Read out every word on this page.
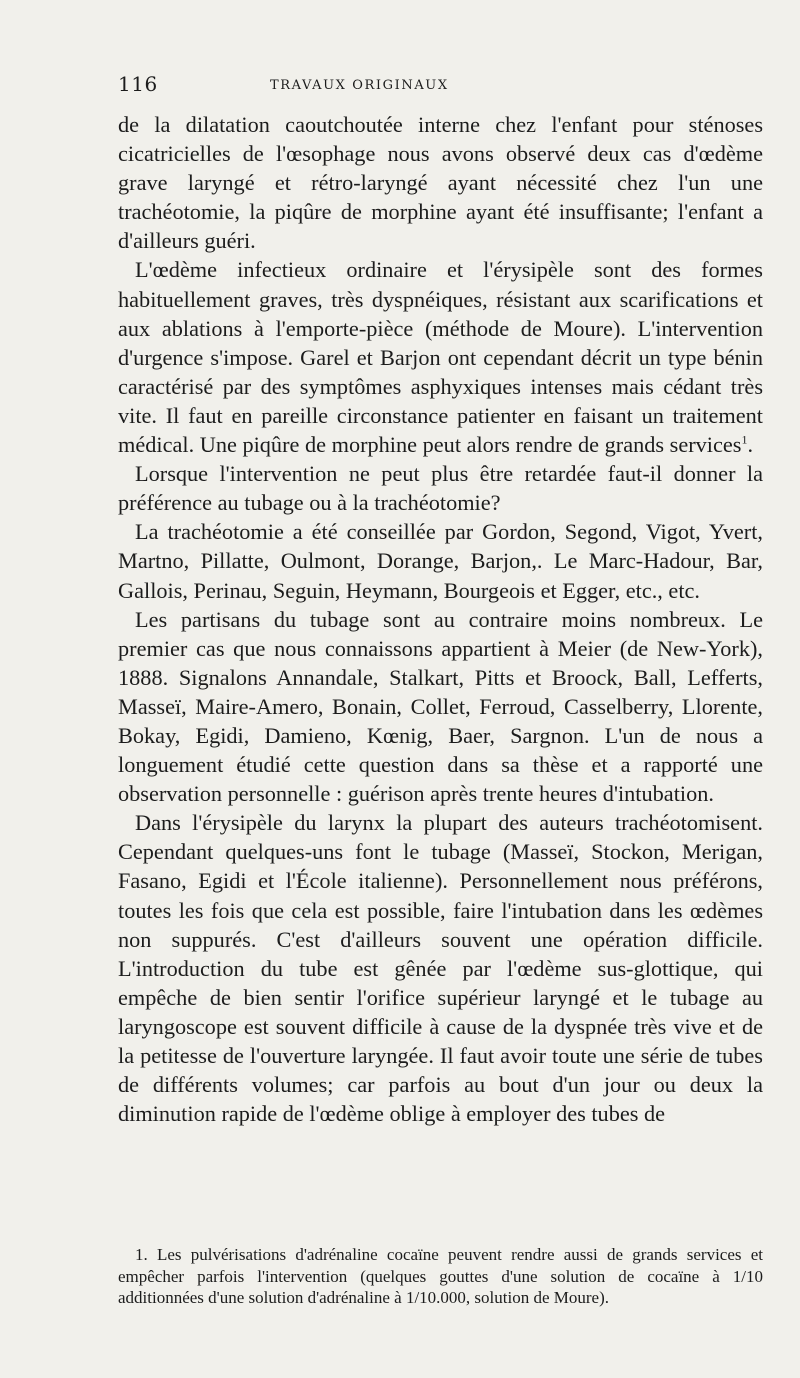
116	TRAVAUX ORIGINAUX

de la dilatation caoutchoutée interne chez l'enfant pour sténoses cicatricielles de l'œsophage nous avons observé deux cas d'œdème grave laryngé et rétro-laryngé ayant nécessité chez l'un une trachéotomie, la piqûre de morphine ayant été insuffisante; l'enfant a d'ailleurs guéri.

L'œdème infectieux ordinaire et l'érysipèle sont des formes habituellement graves, très dyspnéiques, résistant aux scarifications et aux ablations à l'emporte-pièce (méthode de Moure). L'intervention d'urgence s'impose. Garel et Barjon ont cependant décrit un type bénin caractérisé par des symptômes asphyxiques intenses mais cédant très vite. Il faut en pareille circonstance patienter en faisant un traitement médical. Une piqûre de morphine peut alors rendre de grands services$^1$.

Lorsque l'intervention ne peut plus être retardée faut-il donner la préférence au tubage ou à la trachéotomie?

La trachéotomie a été conseillée par Gordon, Segond, Vigot, Yvert, Martno, Pillatte, Oulmont, Dorange, Barjon,. Le Marc-Hadour, Bar, Gallois, Perinau, Seguin, Heymann, Bourgeois et Egger, etc., etc.

Les partisans du tubage sont au contraire moins nombreux. Le premier cas que nous connaissons appartient à Meier (de New-York), 1888. Signalons Annandale, Stalkart, Pitts et Broock, Ball, Lefferts, Masseï, Maire-Amero, Bonain, Collet, Ferroud, Casselberry, Llorente, Bokay, Egidi, Damieno, Kœnig, Baer, Sargnon. L'un de nous a longuement étudié cette question dans sa thèse et a rapporté une observation personnelle : guérison après trente heures d'intubation.

Dans l'érysipèle du larynx la plupart des auteurs trachéotomisent. Cependant quelques-uns font le tubage (Masseï, Stockon, Merigan, Fasano, Egidi et l'École italienne). Personnellement nous préférons, toutes les fois que cela est possible, faire l'intubation dans les œdèmes non suppurés. C'est d'ailleurs souvent une opération difficile. L'introduction du tube est gênée par l'œdème sus-glottique, qui empêche de bien sentir l'orifice supérieur laryngé et le tubage au laryngoscope est souvent difficile à cause de la dyspnée très vive et de la petitesse de l'ouverture laryngée. Il faut avoir toute une série de tubes de différents volumes; car parfois au bout d'un jour ou deux la diminution rapide de l'œdème oblige à employer des tubes de

1. Les pulvérisations d'adrénaline cocaïne peuvent rendre aussi de grands services et empêcher parfois l'intervention (quelques gouttes d'une solution de cocaïne à 1/10 additionnées d'une solution d'adrénaline à 1/10.000, solution de Moure).
